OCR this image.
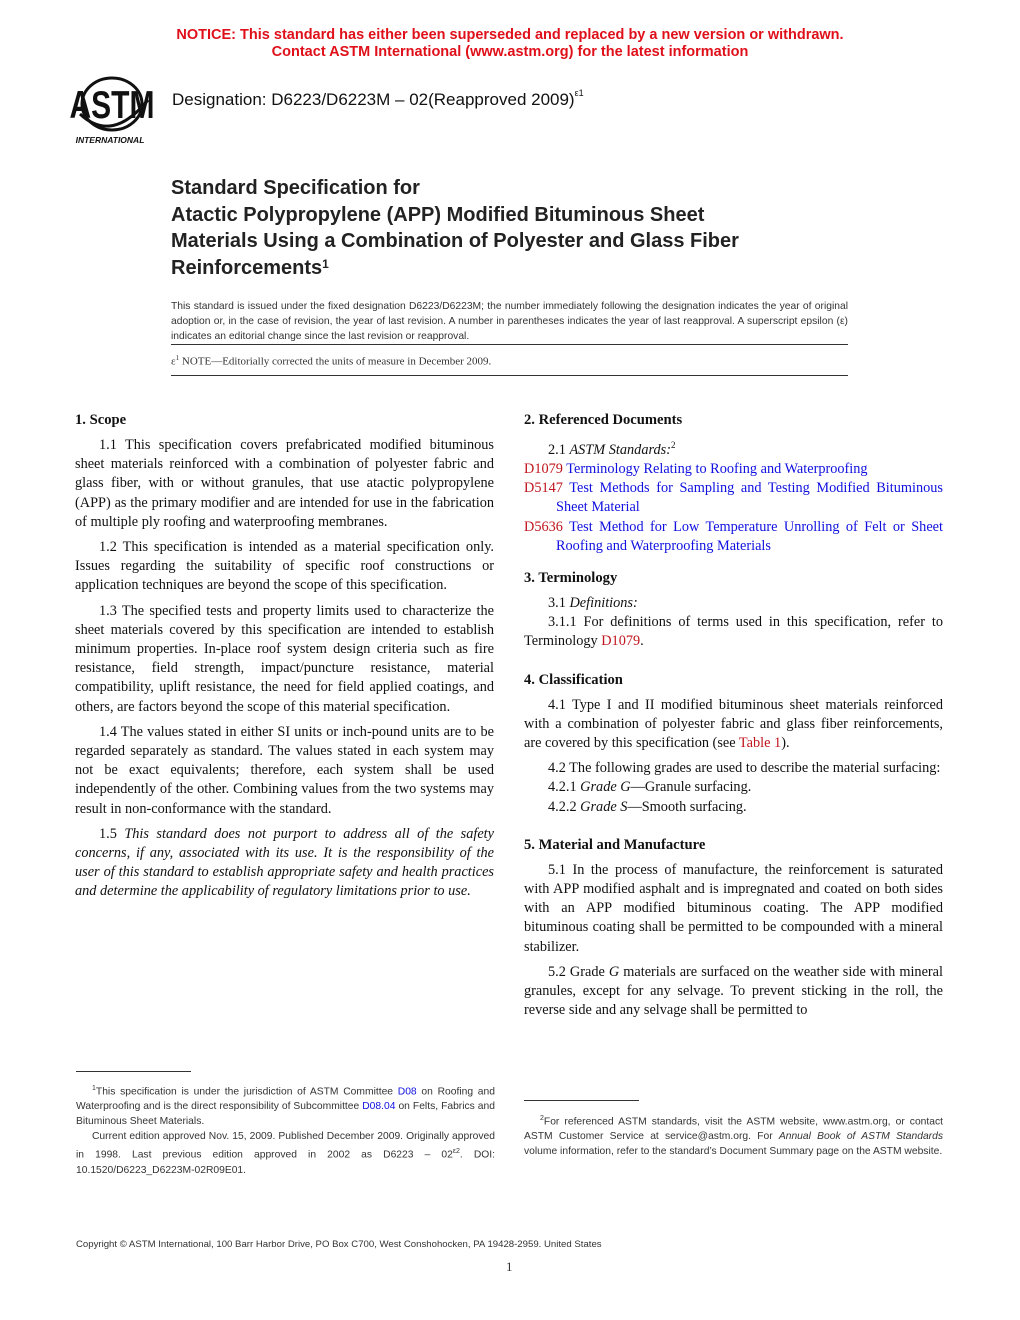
NOTICE: This standard has either been superseded and replaced by a new version or withdrawn.
Contact ASTM International (www.astm.org) for the latest information
ASTM
INTERNATIONAL
Designation: D6223/D6223M – 02(Reapproved 2009)$^{\varepsilon 1}$
Standard Specification for
Atactic Polypropylene (APP) Modified Bituminous Sheet
Materials Using a Combination of Polyester and Glass Fiber
Reinforcements$^1$
This standard is issued under the fixed designation D6223/D6223M; the number immediately following the designation indicates the year of original adoption or, in the case of revision, the year of last revision. A number in parentheses indicates the year of last reapproval. A superscript epsilon (ε) indicates an editorial change since the last revision or reapproval.
$\varepsilon^1$ NOTE—Editorially corrected the units of measure in December 2009.
1. Scope

1.1 This specification covers prefabricated modified bituminous sheet materials reinforced with a combination of polyester fabric and glass fiber, with or without granules, that use atactic polypropylene (APP) as the primary modifier and are intended for use in the fabrication of multiple ply roofing and waterproofing membranes.

1.2 This specification is intended as a material specification only. Issues regarding the suitability of specific roof constructions or application techniques are beyond the scope of this specification.

1.3 The specified tests and property limits used to characterize the sheet materials covered by this specification are intended to establish minimum properties. In-place roof system design criteria such as fire resistance, field strength, impact/puncture resistance, material compatibility, uplift resistance, the need for field applied coatings, and others, are factors beyond the scope of this material specification.

1.4 The values stated in either SI units or inch-pound units are to be regarded separately as standard. The values stated in each system may not be exact equivalents; therefore, each system shall be used independently of the other. Combining values from the two systems may result in non-conformance with the standard.

1.5 This standard does not purport to address all of the safety concerns, if any, associated with its use. It is the responsibility of the user of this standard to establish appropriate safety and health practices and determine the applicability of regulatory limitations prior to use.

2. Referenced Documents

2.1 ASTM Standards:$^2$

D1079 Terminology Relating to Roofing and Waterproofing

D5147 Test Methods for Sampling and Testing Modified Bituminous Sheet Material

D5636 Test Method for Low Temperature Unrolling of Felt or Sheet Roofing and Waterproofing Materials

3. Terminology

3.1 Definitions:

3.1.1 For definitions of terms used in this specification, refer to Terminology D1079.

4. Classification

4.1 Type I and II modified bituminous sheet materials reinforced with a combination of polyester fabric and glass fiber reinforcements, are covered by this specification (see Table 1).

4.2 The following grades are used to describe the material surfacing:

4.2.1 Grade G—Granule surfacing.

4.2.2 Grade S—Smooth surfacing.

5. Material and Manufacture

5.1 In the process of manufacture, the reinforcement is saturated with APP modified asphalt and is impregnated and coated on both sides with an APP modified bituminous coating. The APP modified bituminous coating shall be permitted to be compounded with a mineral stabilizer.

5.2 Grade G materials are surfaced on the weather side with mineral granules, except for any selvage. To prevent sticking in the roll, the reverse side and any selvage shall be permitted to

$^1$This specification is under the jurisdiction of ASTM Committee D08 on Roofing and Waterproofing and is the direct responsibility of Subcommittee D08.04 on Felts, Fabrics and Bituminous Sheet Materials.

Current edition approved Nov. 15, 2009. Published December 2009. Originally approved in 1998. Last previous edition approved in 2002 as $D6223 - 02^{\varepsilon 2}$. DOI: 10.1520/D6223_D6223M-02R09E01.

$^2$For referenced ASTM standards, visit the ASTM website, www.astm.org, or contact ASTM Customer Service at service@astm.org. For Annual Book of ASTM Standards volume information, refer to the standard’s Document Summary page on the ASTM website.

Copyright © ASTM International, 100 Barr Harbor Drive, PO Box C700, West Conshohocken, PA 19428-2959. United States
1
